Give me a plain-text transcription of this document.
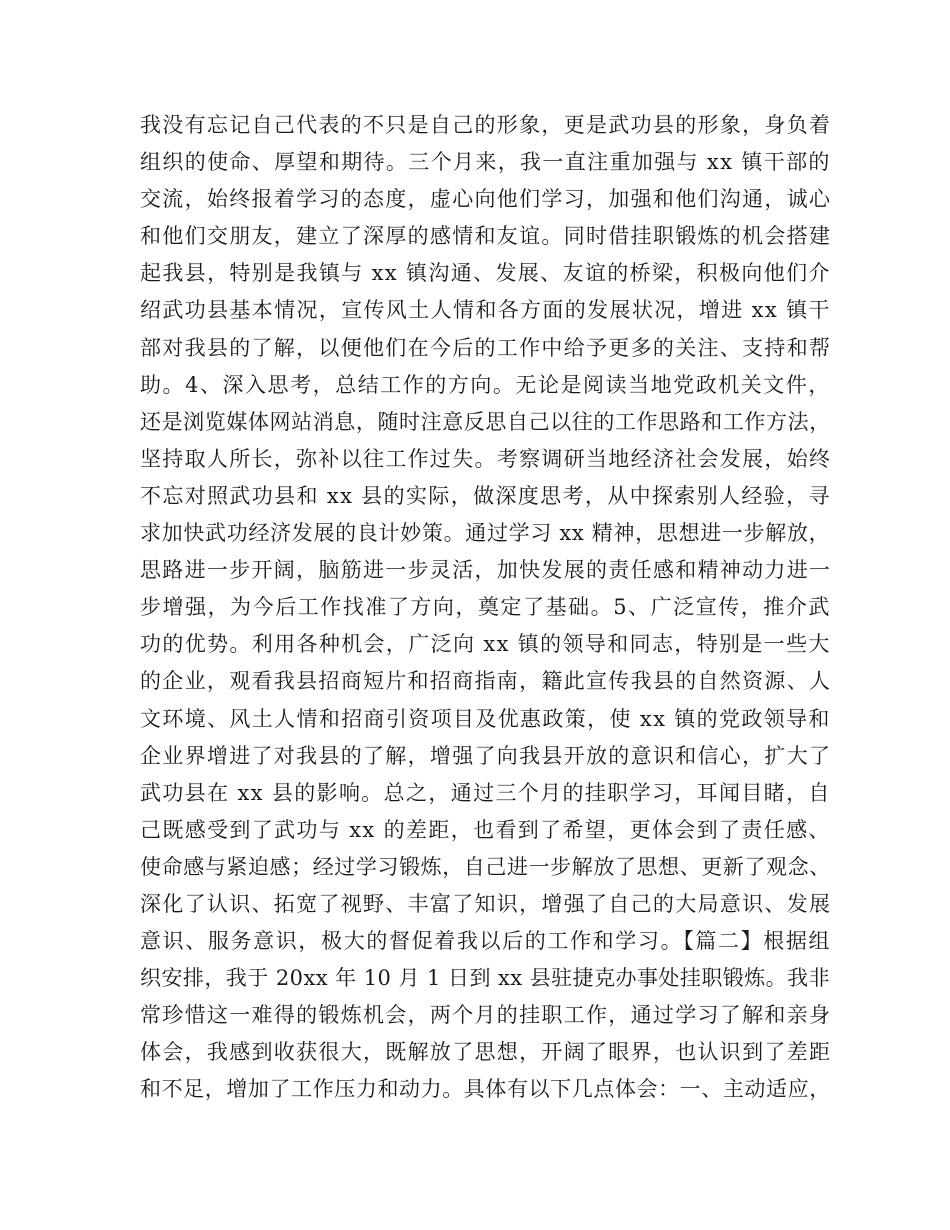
我没有忘记自己代表的不只是自己的形象，更是武功县的形象，身负着
组织的使命、厚望和期待。三个月来，我一直注重加强与 xx 镇干部的
交流，始终报着学习的态度，虚心向他们学习，加强和他们沟通，诚心
和他们交朋友，建立了深厚的感情和友谊。同时借挂职锻炼的机会搭建
起我县，特别是我镇与 xx 镇沟通、发展、友谊的桥梁，积极向他们介
绍武功县基本情况，宣传风土人情和各方面的发展状况，增进 xx 镇干
部对我县的了解，以便他们在今后的工作中给予更多的关注、支持和帮
助。4、深入思考，总结工作的方向。无论是阅读当地党政机关文件，
还是浏览媒体网站消息，随时注意反思自己以往的工作思路和工作方法，
坚持取人所长，弥补以往工作过失。考察调研当地经济社会发展，始终
不忘对照武功县和 xx 县的实际，做深度思考，从中探索别人经验，寻
求加快武功经济发展的良计妙策。通过学习 xx 精神，思想进一步解放，
思路进一步开阔，脑筋进一步灵活，加快发展的责任感和精神动力进一
步增强，为今后工作找准了方向，奠定了基础。5、广泛宣传，推介武
功的优势。利用各种机会，广泛向 xx 镇的领导和同志，特别是一些大
的企业，观看我县招商短片和招商指南，籍此宣传我县的自然资源、人
文环境、风土人情和招商引资项目及优惠政策，使 xx 镇的党政领导和
企业界增进了对我县的了解，增强了向我县开放的意识和信心，扩大了
武功县在 xx 县的影响。总之，通过三个月的挂职学习，耳闻目睹，自
己既感受到了武功与 xx 的差距，也看到了希望，更体会到了责任感、
使命感与紧迫感；经过学习锻炼，自己进一步解放了思想、更新了观念、
深化了认识、拓宽了视野、丰富了知识，增强了自己的大局意识、发展
意识、服务意识，极大的督促着我以后的工作和学习。【篇二】根据组
织安排，我于 20xx 年 10 月 1 日到 xx 县驻捷克办事处挂职锻炼。我非
常珍惜这一难得的锻炼机会，两个月的挂职工作，通过学习了解和亲身
体会，我感到收获很大，既解放了思想，开阔了眼界，也认识到了差距
和不足，增加了工作压力和动力。具体有以下几点体会：一、主动适应，
